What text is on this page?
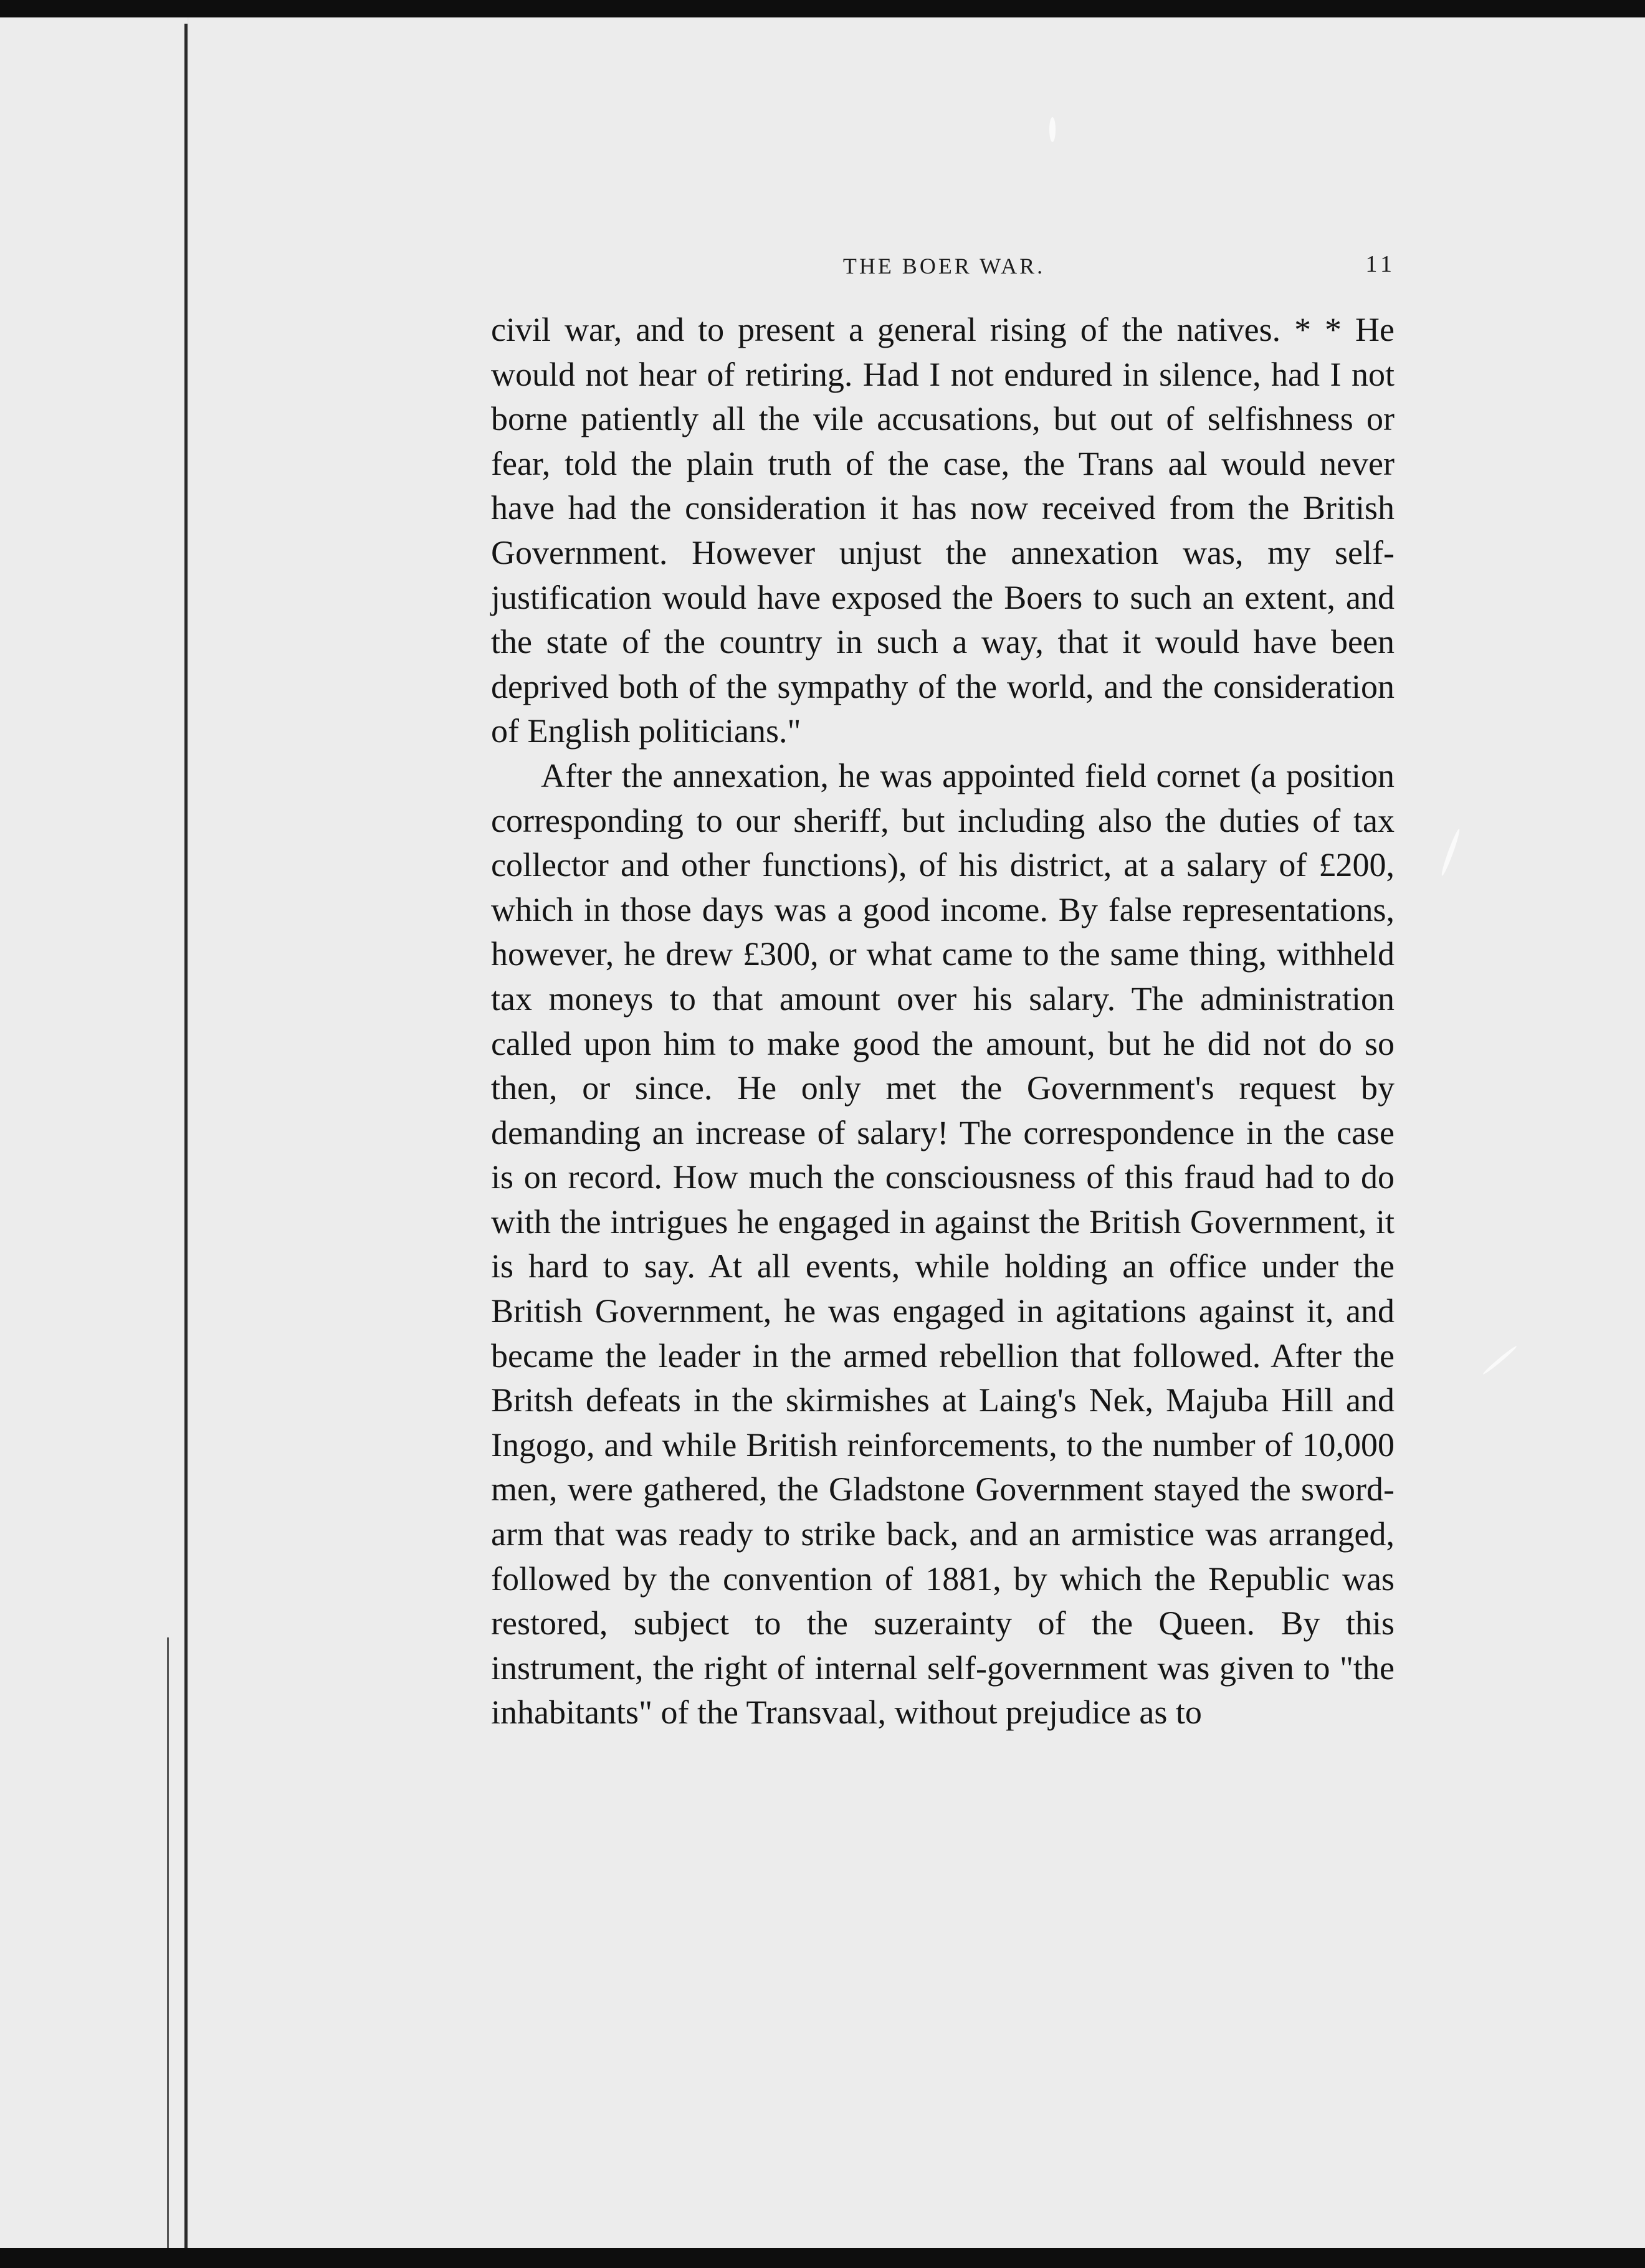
THE BOER WAR.	11

civil war, and to present a general rising of the natives. * * He would not hear of retiring. Had I not endured in silence, had I not borne patiently all the vile accusations, but out of selfishness or fear, told the plain truth of the case, the Trans aal would never have had the consideration it has now received from the British Government. However unjust the annexation was, my self-justification would have exposed the Boers to such an extent, and the state of the country in such a way, that it would have been deprived both of the sympathy of the world, and the consideration of English politicians."

After the annexation, he was appointed field cornet (a position corresponding to our sheriff, but including also the duties of tax collector and other functions), of his district, at a salary of £200, which in those days was a good income. By false representations, however, he drew £300, or what came to the same thing, withheld tax moneys to that amount over his salary. The administration called upon him to make good the amount, but he did not do so then, or since. He only met the Government's request by demanding an increase of salary! The correspondence in the case is on record. How much the consciousness of this fraud had to do with the intrigues he engaged in against the British Government, it is hard to say. At all events, while holding an office under the British Government, he was engaged in agitations against it, and became the leader in the armed rebellion that followed. After the Britsh defeats in the skirmishes at Laing's Nek, Majuba Hill and Ingogo, and while British reinforcements, to the number of 10,000 men, were gathered, the Gladstone Government stayed the sword-arm that was ready to strike back, and an armistice was arranged, followed by the convention of 1881, by which the Republic was restored, subject to the suzerainty of the Queen. By this instrument, the right of internal self-government was given to "the inhabitants" of the Transvaal, without prejudice as to
